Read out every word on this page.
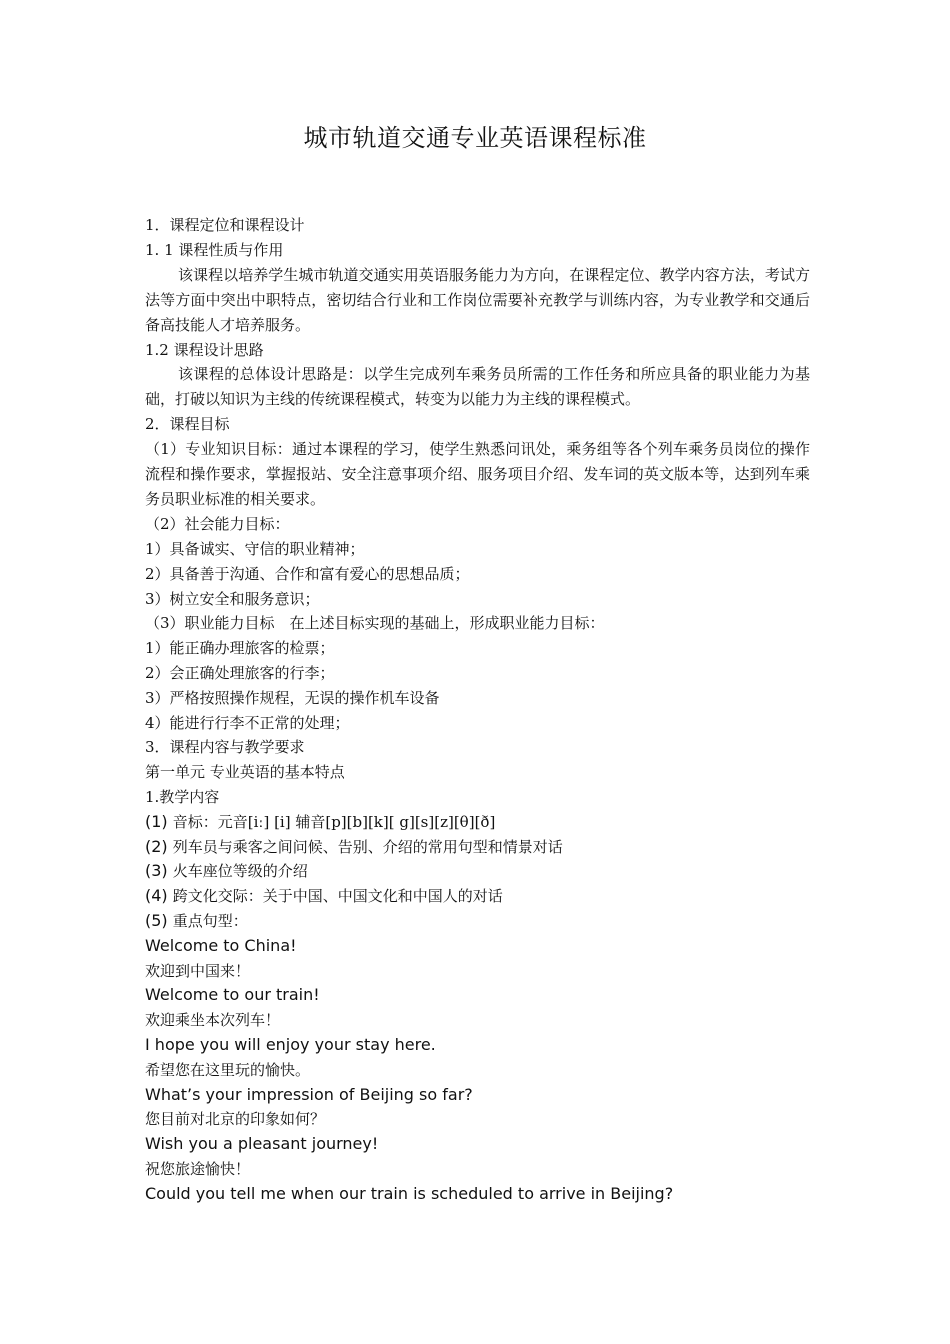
城市轨道交通专业英语课程标准
1．课程定位和课程设计
1. 1 课程性质与作用
该课程以培养学生城市轨道交通实用英语服务能力为方向，在课程定位、教学内容方法，考试方法等方面中突出中职特点，密切结合行业和工作岗位需要补充教学与训练内容，为专业教学和交通后备高技能人才培养服务。
1.2 课程设计思路
该课程的总体设计思路是：以学生完成列车乘务员所需的工作任务和所应具备的职业能力为基础，打破以知识为主线的传统课程模式，转变为以能力为主线的课程模式。
2．课程目标
（1）专业知识目标：通过本课程的学习，使学生熟悉问讯处，乘务组等各个列车乘务员岗位的操作流程和操作要求，掌握报站、安全注意事项介绍、服务项目介绍、发车词的英文版本等，达到列车乘务员职业标准的相关要求。
（2）社会能力目标：
1）具备诚实、守信的职业精神；
2）具备善于沟通、合作和富有爱心的思想品质；
3）树立安全和服务意识；
（3）职业能力目标　在上述目标实现的基础上，形成职业能力目标：
1）能正确办理旅客的检票；
2）会正确处理旅客的行李；
3）严格按照操作规程，无误的操作机车设备
4）能进行行李不正常的处理；
3．课程内容与教学要求
第一单元 专业英语的基本特点
1.教学内容
(1) 音标：元音[iː] [i] 辅音[p][b][k][ g][s][z][θ][ð]
(2) 列车员与乘客之间问候、告别、介绍的常用句型和情景对话
(3) 火车座位等级的介绍
(4) 跨文化交际：关于中国、中国文化和中国人的对话
(5) 重点句型：
Welcome to China!
欢迎到中国来！
Welcome to our train!
欢迎乘坐本次列车！
I hope you will enjoy your stay here.
希望您在这里玩的愉快。
What’s your impression of Beijing so far?
您目前对北京的印象如何？
Wish you a pleasant journey!
祝您旅途愉快！
Could you tell me when our train is scheduled to arrive in Beijing?
